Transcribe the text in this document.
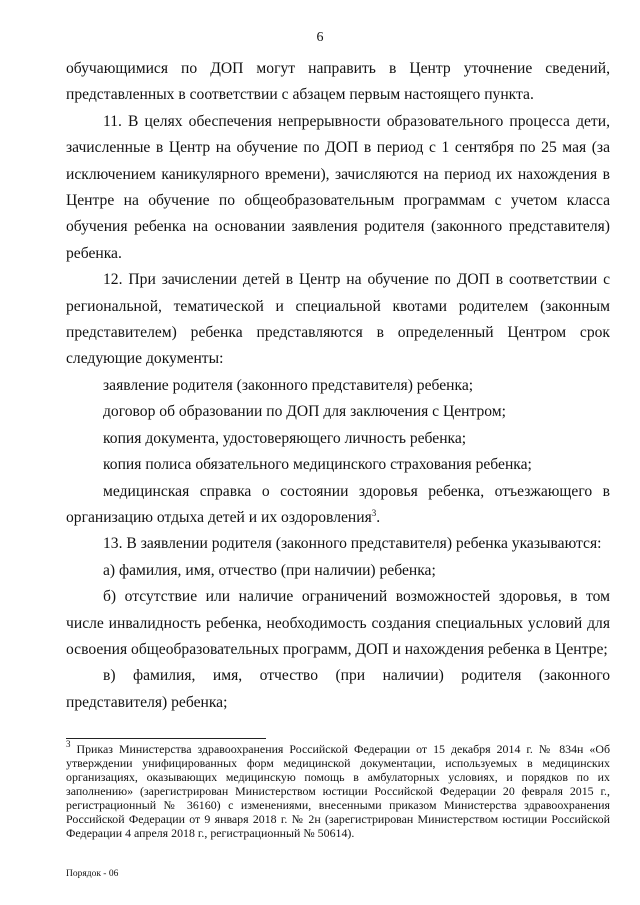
6

обучающимися по ДОП могут направить в Центр уточнение сведений, представленных в соответствии с абзацем первым настоящего пункта.

11. В целях обеспечения непрерывности образовательного процесса дети, зачисленные в Центр на обучение по ДОП в период с 1 сентября по 25 мая (за исключением каникулярного времени), зачисляются на период их нахождения в Центре на обучение по общеобразовательным программам с учетом класса обучения ребенка на основании заявления родителя (законного представителя) ребенка.

12. При зачислении детей в Центр на обучение по ДОП в соответствии с региональной, тематической и специальной квотами родителем (законным представителем) ребенка представляются в определенный Центром срок следующие документы:

заявление родителя (законного представителя) ребенка;

договор об образовании по ДОП для заключения с Центром;

копия документа, удостоверяющего личность ребенка;

копия полиса обязательного медицинского страхования ребенка;

медицинская справка о состоянии здоровья ребенка, отъезжающего в организацию отдыха детей и их оздоровления$^3$.

13. В заявлении родителя (законного представителя) ребенка указываются:

а) фамилия, имя, отчество (при наличии) ребенка;

б) отсутствие или наличие ограничений возможностей здоровья, в том числе инвалидность ребенка, необходимость создания специальных условий для освоения общеобразовательных программ, ДОП и нахождения ребенка в Центре;

в) фамилия, имя, отчество (при наличии) родителя (законного представителя) ребенка;

$^3$ Приказ Министерства здравоохранения Российской Федерации от 15 декабря 2014 г. № 834н «Об утверждении унифицированных форм медицинской документации, используемых в медицинских организациях, оказывающих медицинскую помощь в амбулаторных условиях, и порядков по их заполнению» (зарегистрирован Министерством юстиции Российской Федерации 20 февраля 2015 г., регистрационный № 36160) с изменениями, внесенными приказом Министерства здравоохранения Российской Федерации от 9 января 2018 г. № 2н (зарегистрирован Министерством юстиции Российской Федерации 4 апреля 2018 г., регистрационный № 50614).

Порядок - 06
